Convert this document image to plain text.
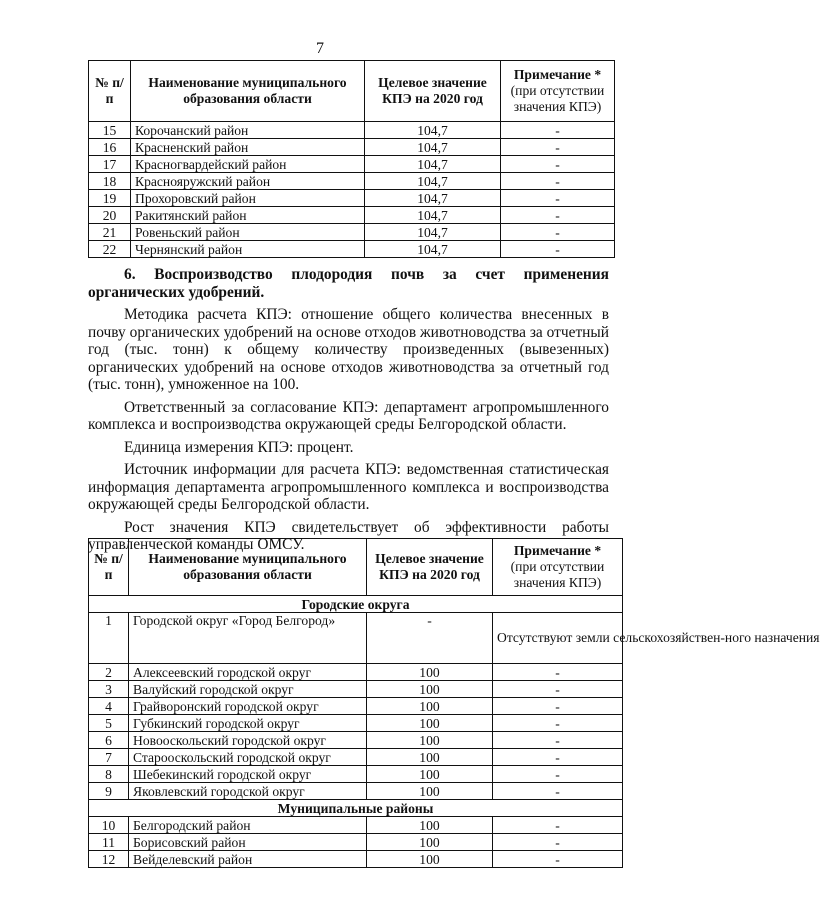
7
№ п/п	Наименование муниципального образования области	Целевое значение КПЭ на 2020 год	Примечание *
(при отсутствии значения КПЭ)
15	Корочанский район	104,7	-
16	Красненский район	104,7	-
17	Красногвардейский район	104,7	-
18	Краснояружский район	104,7	-
19	Прохоровский район	104,7	-
20	Ракитянский район	104,7	-
21	Ровеньский район	104,7	-
22	Чернянский район	104,7	-

6. Воспроизводство плодородия почв за счет применения органических удобрений.

Методика расчета КПЭ: отношение общего количества внесенных в почву органических удобрений на основе отходов животноводства за отчетный год (тыс. тонн) к общему количеству произведенных (вывезенных) органических удобрений на основе отходов животноводства за отчетный год (тыс. тонн), умноженное на 100.

Ответственный за согласование КПЭ: департамент агропромышленного комплекса и воспроизводства окружающей среды Белгородской области.

Единица измерения КПЭ: процент.

Источник информации для расчета КПЭ: ведомственная статистическая информация департамента агропромышленного комплекса и воспроизводства окружающей среды Белгородской области.

Рост значения КПЭ свидетельствует об эффективности работы управленческой команды ОМСУ.

№ п/п	Наименование муниципального образования области	Целевое значение КПЭ на 2020 год	Примечание *
(при отсутствии значения КПЭ)
Городские округа			
1	Городской округ «Город Белгород»	-	Отсутствуют земли сельскохозяйствен-ного назначения
2	Алексеевский городской округ	100	-
3	Валуйский городской округ	100	-
4	Грайворонский городской округ	100	-
5	Губкинский городской округ	100	-
6	Новооскольский городской округ	100	-
7	Старооскольский городской округ	100	-
8	Шебекинский городской округ	100	-
9	Яковлевский городской округ	100	-
Муниципальные районы			
10	Белгородский район	100	-
11	Борисовский район	100	-
12	Вейделевский район	100	-
